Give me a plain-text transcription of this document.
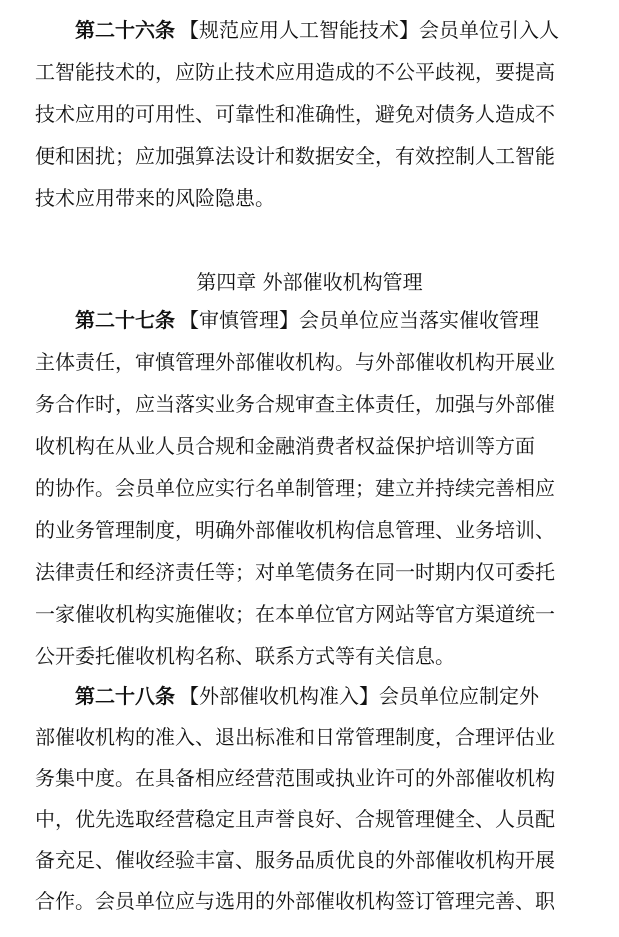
第二十六条 【规范应用人工智能技术】会员单位引入人
工智能技术的，应防止技术应用造成的不公平歧视，要提高
技术应用的可用性、可靠性和准确性，避免对债务人造成不
便和困扰；应加强算法设计和数据安全，有效控制人工智能
技术应用带来的风险隐患。
第四章 外部催收机构管理
第二十七条 【审慎管理】会员单位应当落实催收管理
主体责任，审慎管理外部催收机构。与外部催收机构开展业
务合作时，应当落实业务合规审查主体责任，加强与外部催
收机构在从业人员合规和金融消费者权益保护培训等方面
的协作。会员单位应实行名单制管理；建立并持续完善相应
的业务管理制度，明确外部催收机构信息管理、业务培训、
法律责任和经济责任等；对单笔债务在同一时期内仅可委托
一家催收机构实施催收；在本单位官方网站等官方渠道统一
公开委托催收机构名称、联系方式等有关信息。
第二十八条 【外部催收机构准入】会员单位应制定外
部催收机构的准入、退出标准和日常管理制度，合理评估业
务集中度。在具备相应经营范围或执业许可的外部催收机构
中，优先选取经营稳定且声誉良好、合规管理健全、人员配
备充足、催收经验丰富、服务品质优良的外部催收机构开展
合作。会员单位应与选用的外部催收机构签订管理完善、职
